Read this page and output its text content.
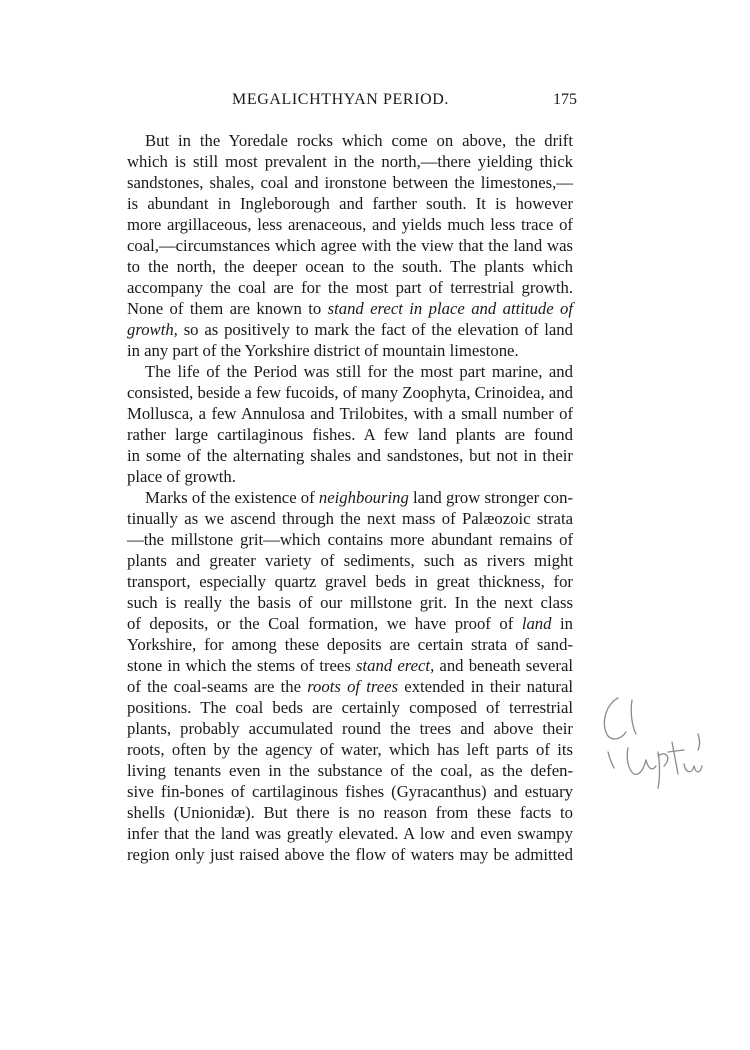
MEGALICHTHYAN PERIOD.	175
But in the Yoredale rocks which come on above, the drift
which is still most prevalent in the north,—there yielding thick
sandstones, shales, coal and ironstone between the limestones,—
is abundant in Ingleborough and farther south. It is however
more argillaceous, less arenaceous, and yields much less trace of
coal,—circumstances which agree with the view that the land was
to the north, the deeper ocean to the south. The plants which
accompany the coal are for the most part of terrestrial growth.
None of them are known to stand erect in place and attitude of
growth, so as positively to mark the fact of the elevation of land
in any part of the Yorkshire district of mountain limestone.
The life of the Period was still for the most part marine, and
consisted, beside a few fucoids, of many Zoophyta, Crinoidea, and
Mollusca, a few Annulosa and Trilobites, with a small number of
rather large cartilaginous fishes. A few land plants are found
in some of the alternating shales and sandstones, but not in their
place of growth.
Marks of the existence of neighbouring land grow stronger con-
tinually as we ascend through the next mass of Palæozoic strata
—the millstone grit—which contains more abundant remains of
plants and greater variety of sediments, such as rivers might
transport, especially quartz gravel beds in great thickness, for
such is really the basis of our millstone grit. In the next class
of deposits, or the Coal formation, we have proof of land in
Yorkshire, for among these deposits are certain strata of sand-
stone in which the stems of trees stand erect, and beneath several
of the coal-seams are the roots of trees extended in their natural
positions. The coal beds are certainly composed of terrestrial
plants, probably accumulated round the trees and above their
roots, often by the agency of water, which has left parts of its
living tenants even in the substance of the coal, as the defen-
sive fin-bones of cartilaginous fishes (Gyracanthus) and estuary
shells (Unionidæ). But there is no reason from these facts to
infer that the land was greatly elevated. A low and even swampy
region only just raised above the flow of waters may be admitted
